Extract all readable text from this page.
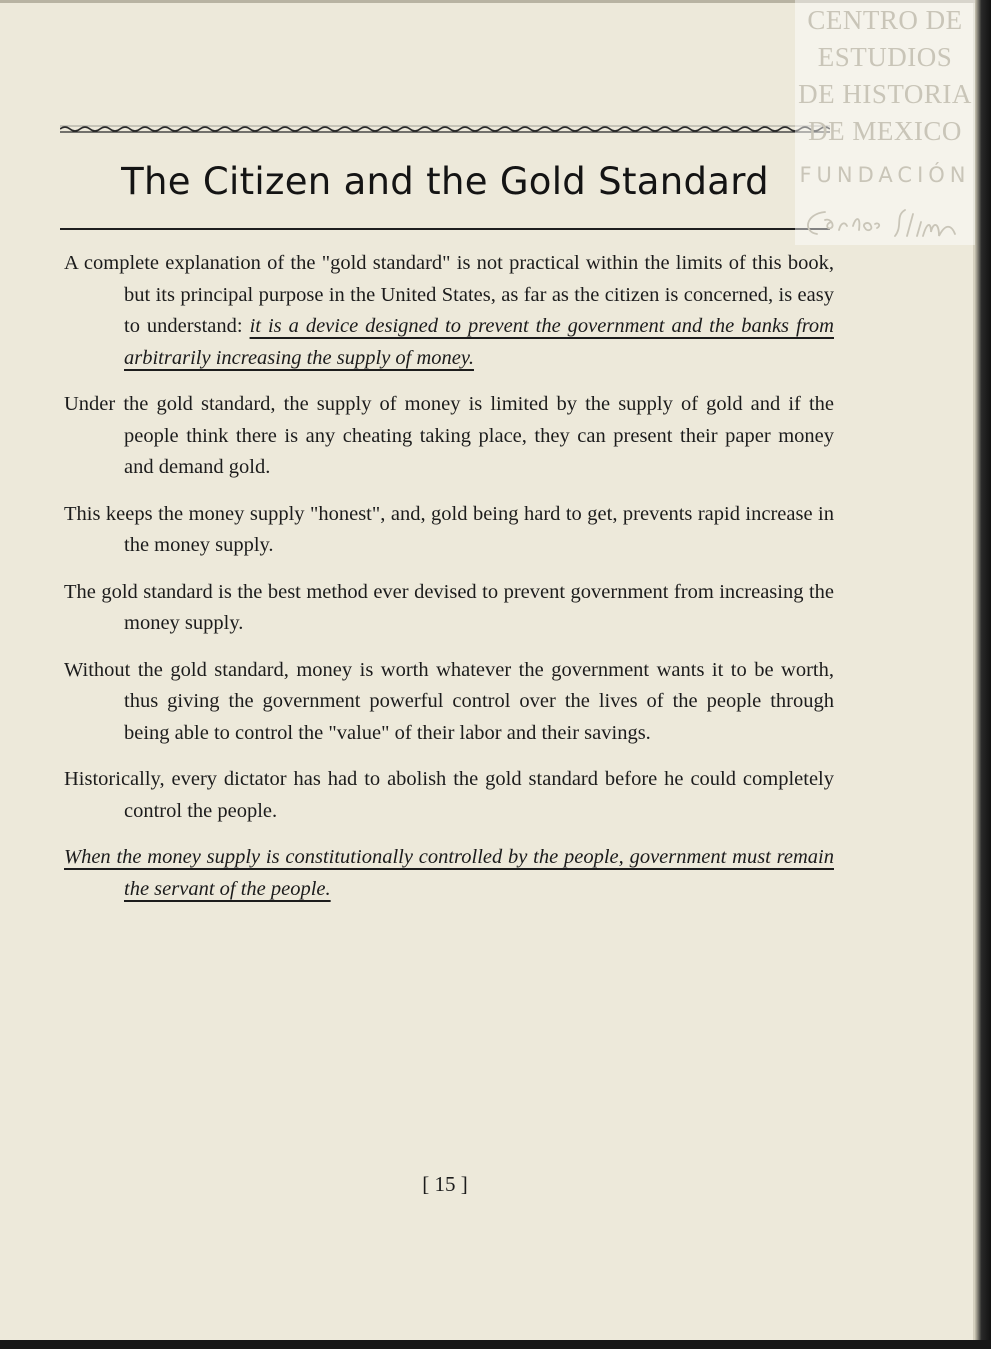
The Citizen and the Gold Standard

A complete explanation of the "gold standard" is not practical within the limits of this book, but its principal purpose in the United States, as far as the citizen is concerned, is easy to understand: it is a device designed to prevent the government and the banks from arbitrarily increasing the supply of money.

Under the gold standard, the supply of money is limited by the supply of gold and if the people think there is any cheating taking place, they can present their paper money and demand gold.

This keeps the money supply "honest", and, gold being hard to get, prevents rapid increase in the money supply.

The gold standard is the best method ever devised to prevent government from increasing the money supply.

Without the gold standard, money is worth whatever the government wants it to be worth, thus giving the government powerful control over the lives of the people through being able to control the "value" of their labor and their savings.

Historically, every dictator has had to abolish the gold standard before he could completely control the people.

When the money supply is constitutionally controlled by the people, government must remain the servant of the people.

[ 15 ]
CENTRO DE
ESTUDIOS
DE HISTORIA
DE MEXICO
FUNDACIÓN
